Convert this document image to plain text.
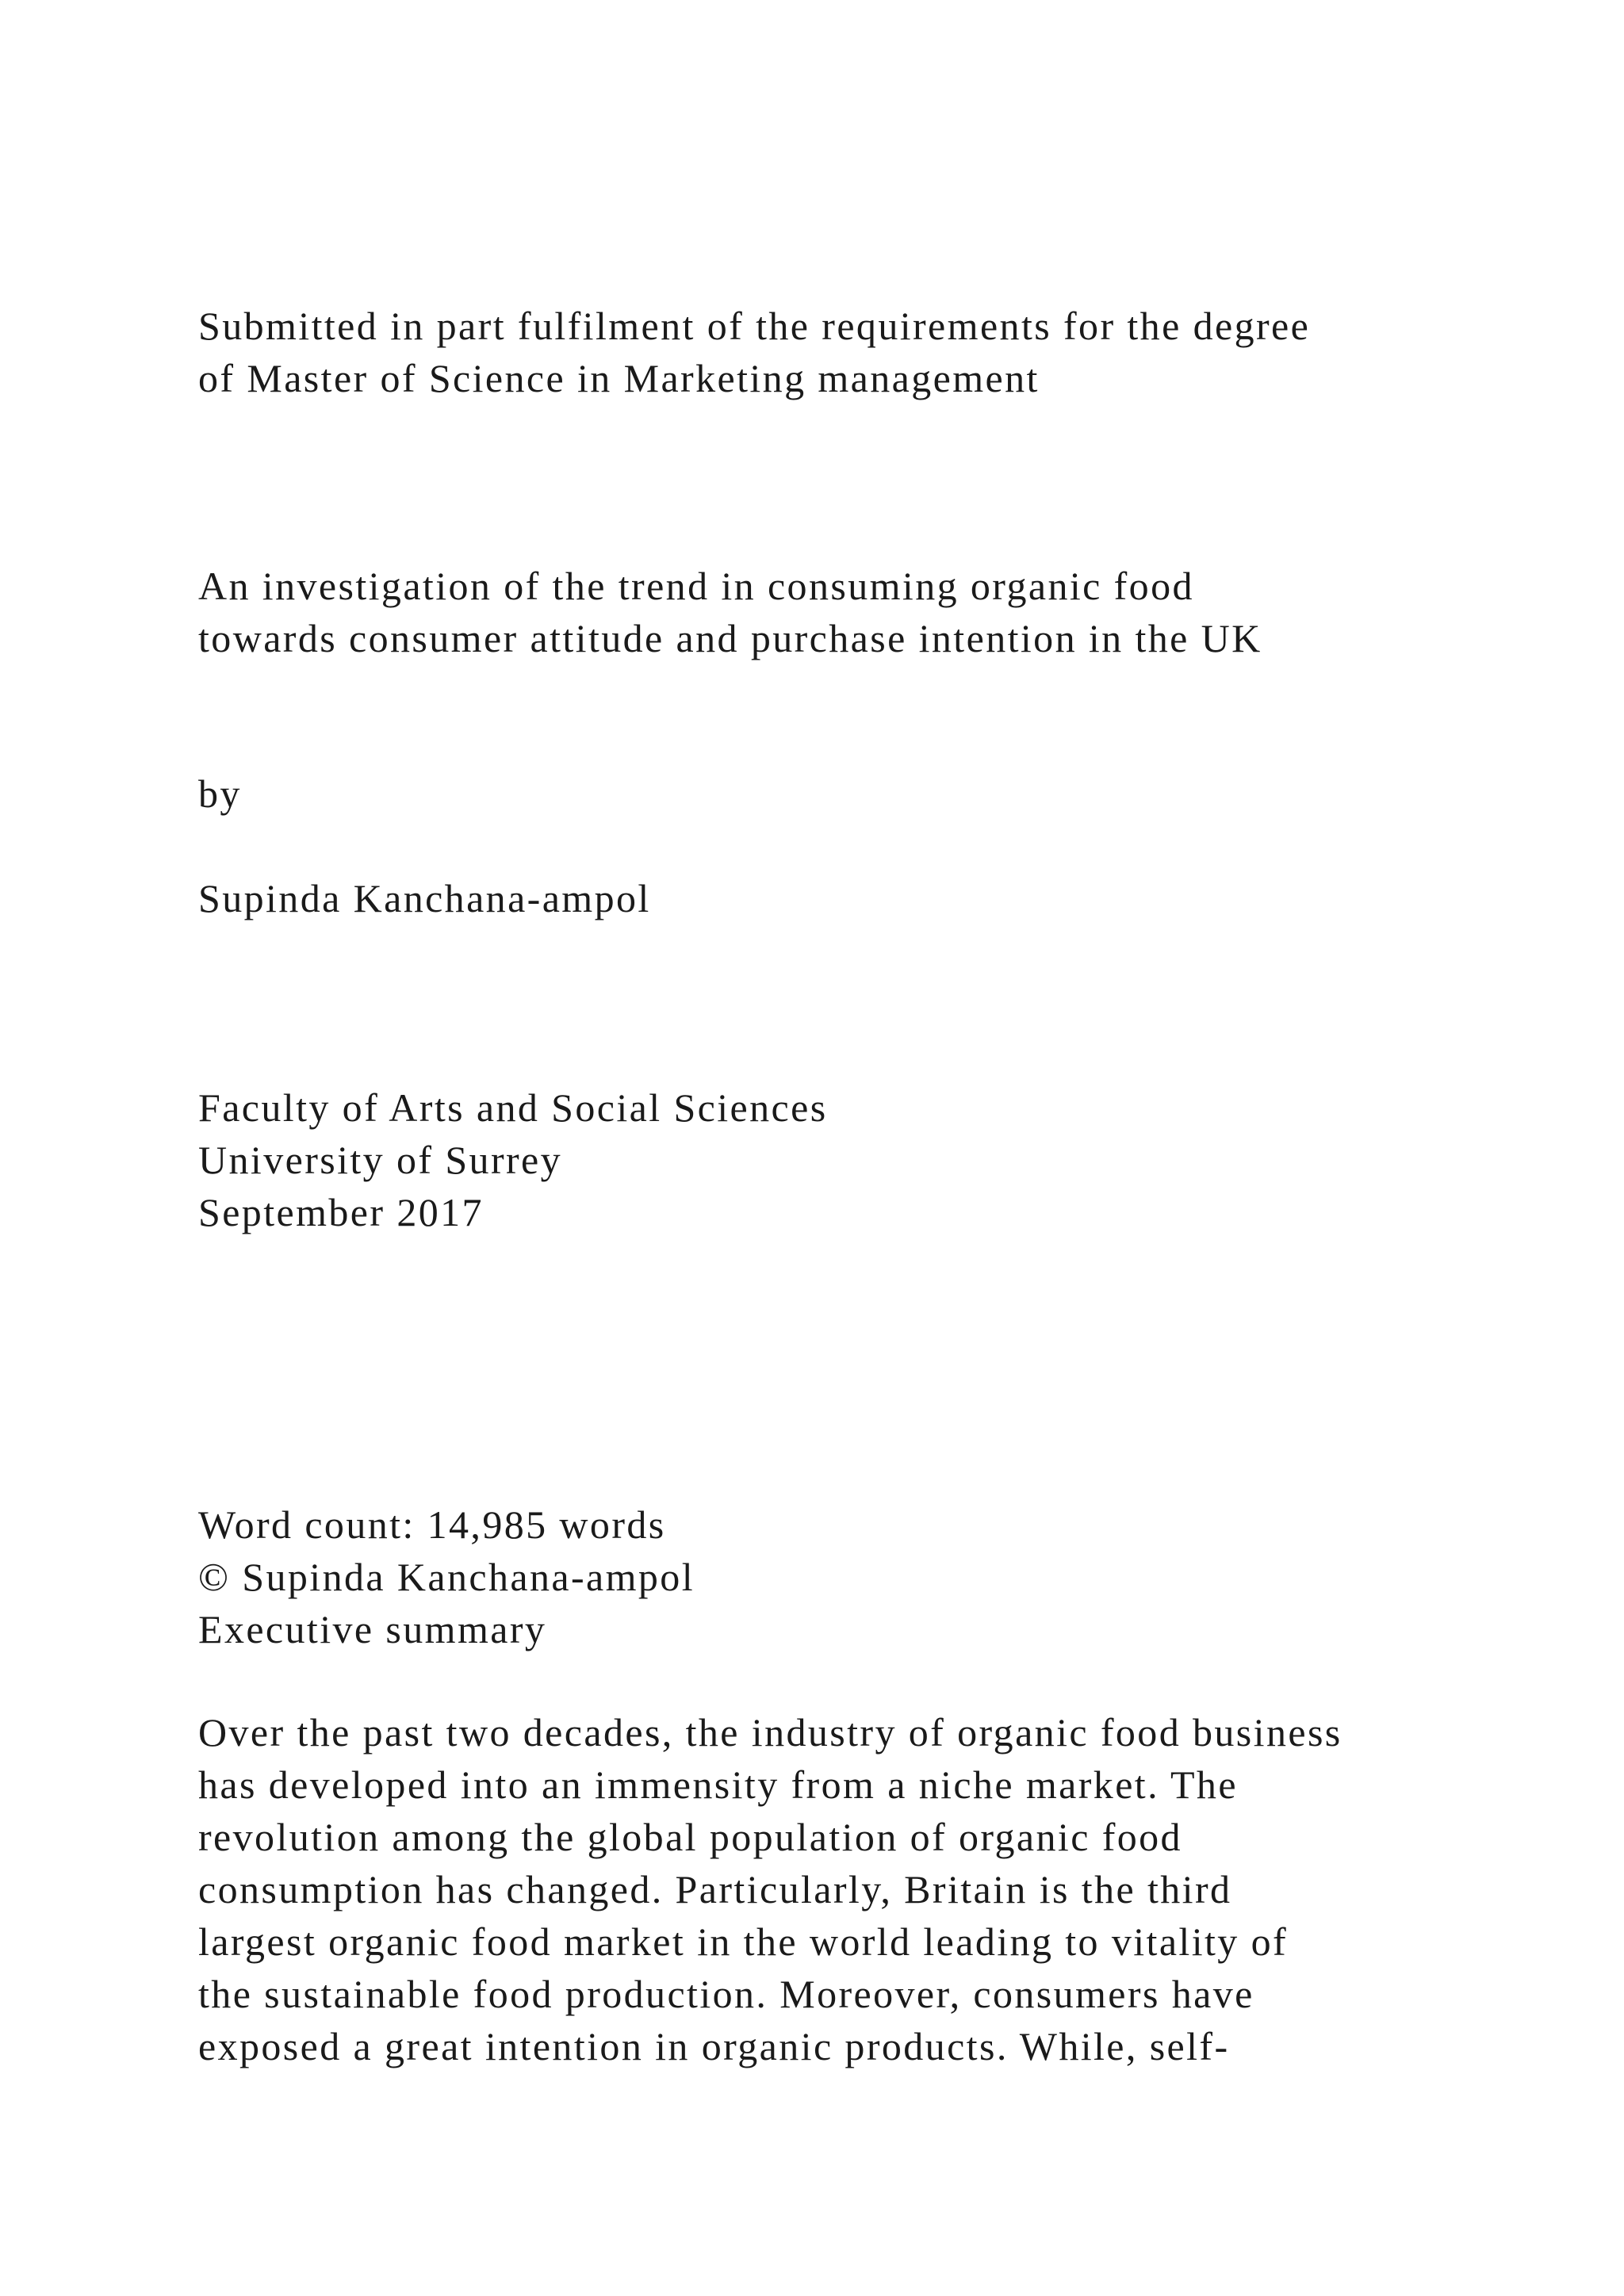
Submitted in part fulfilment of the requirements for the degree
of Master of Science in Marketing management
An investigation of the trend in consuming organic food
towards consumer attitude and purchase intention in the UK
by
Supinda Kanchana-ampol
Faculty of Arts and Social Sciences
University of Surrey
September 2017
Word count: 14,985 words
© Supinda Kanchana-ampol
Executive summary
Over the past two decades, the industry of organic food business
has developed into an immensity from a niche market. The
revolution among the global population of organic food
consumption has changed. Particularly, Britain is the third
largest organic food market in the world leading to vitality of
the sustainable food production. Moreover, consumers have
exposed a great intention in organic products. While, self-
